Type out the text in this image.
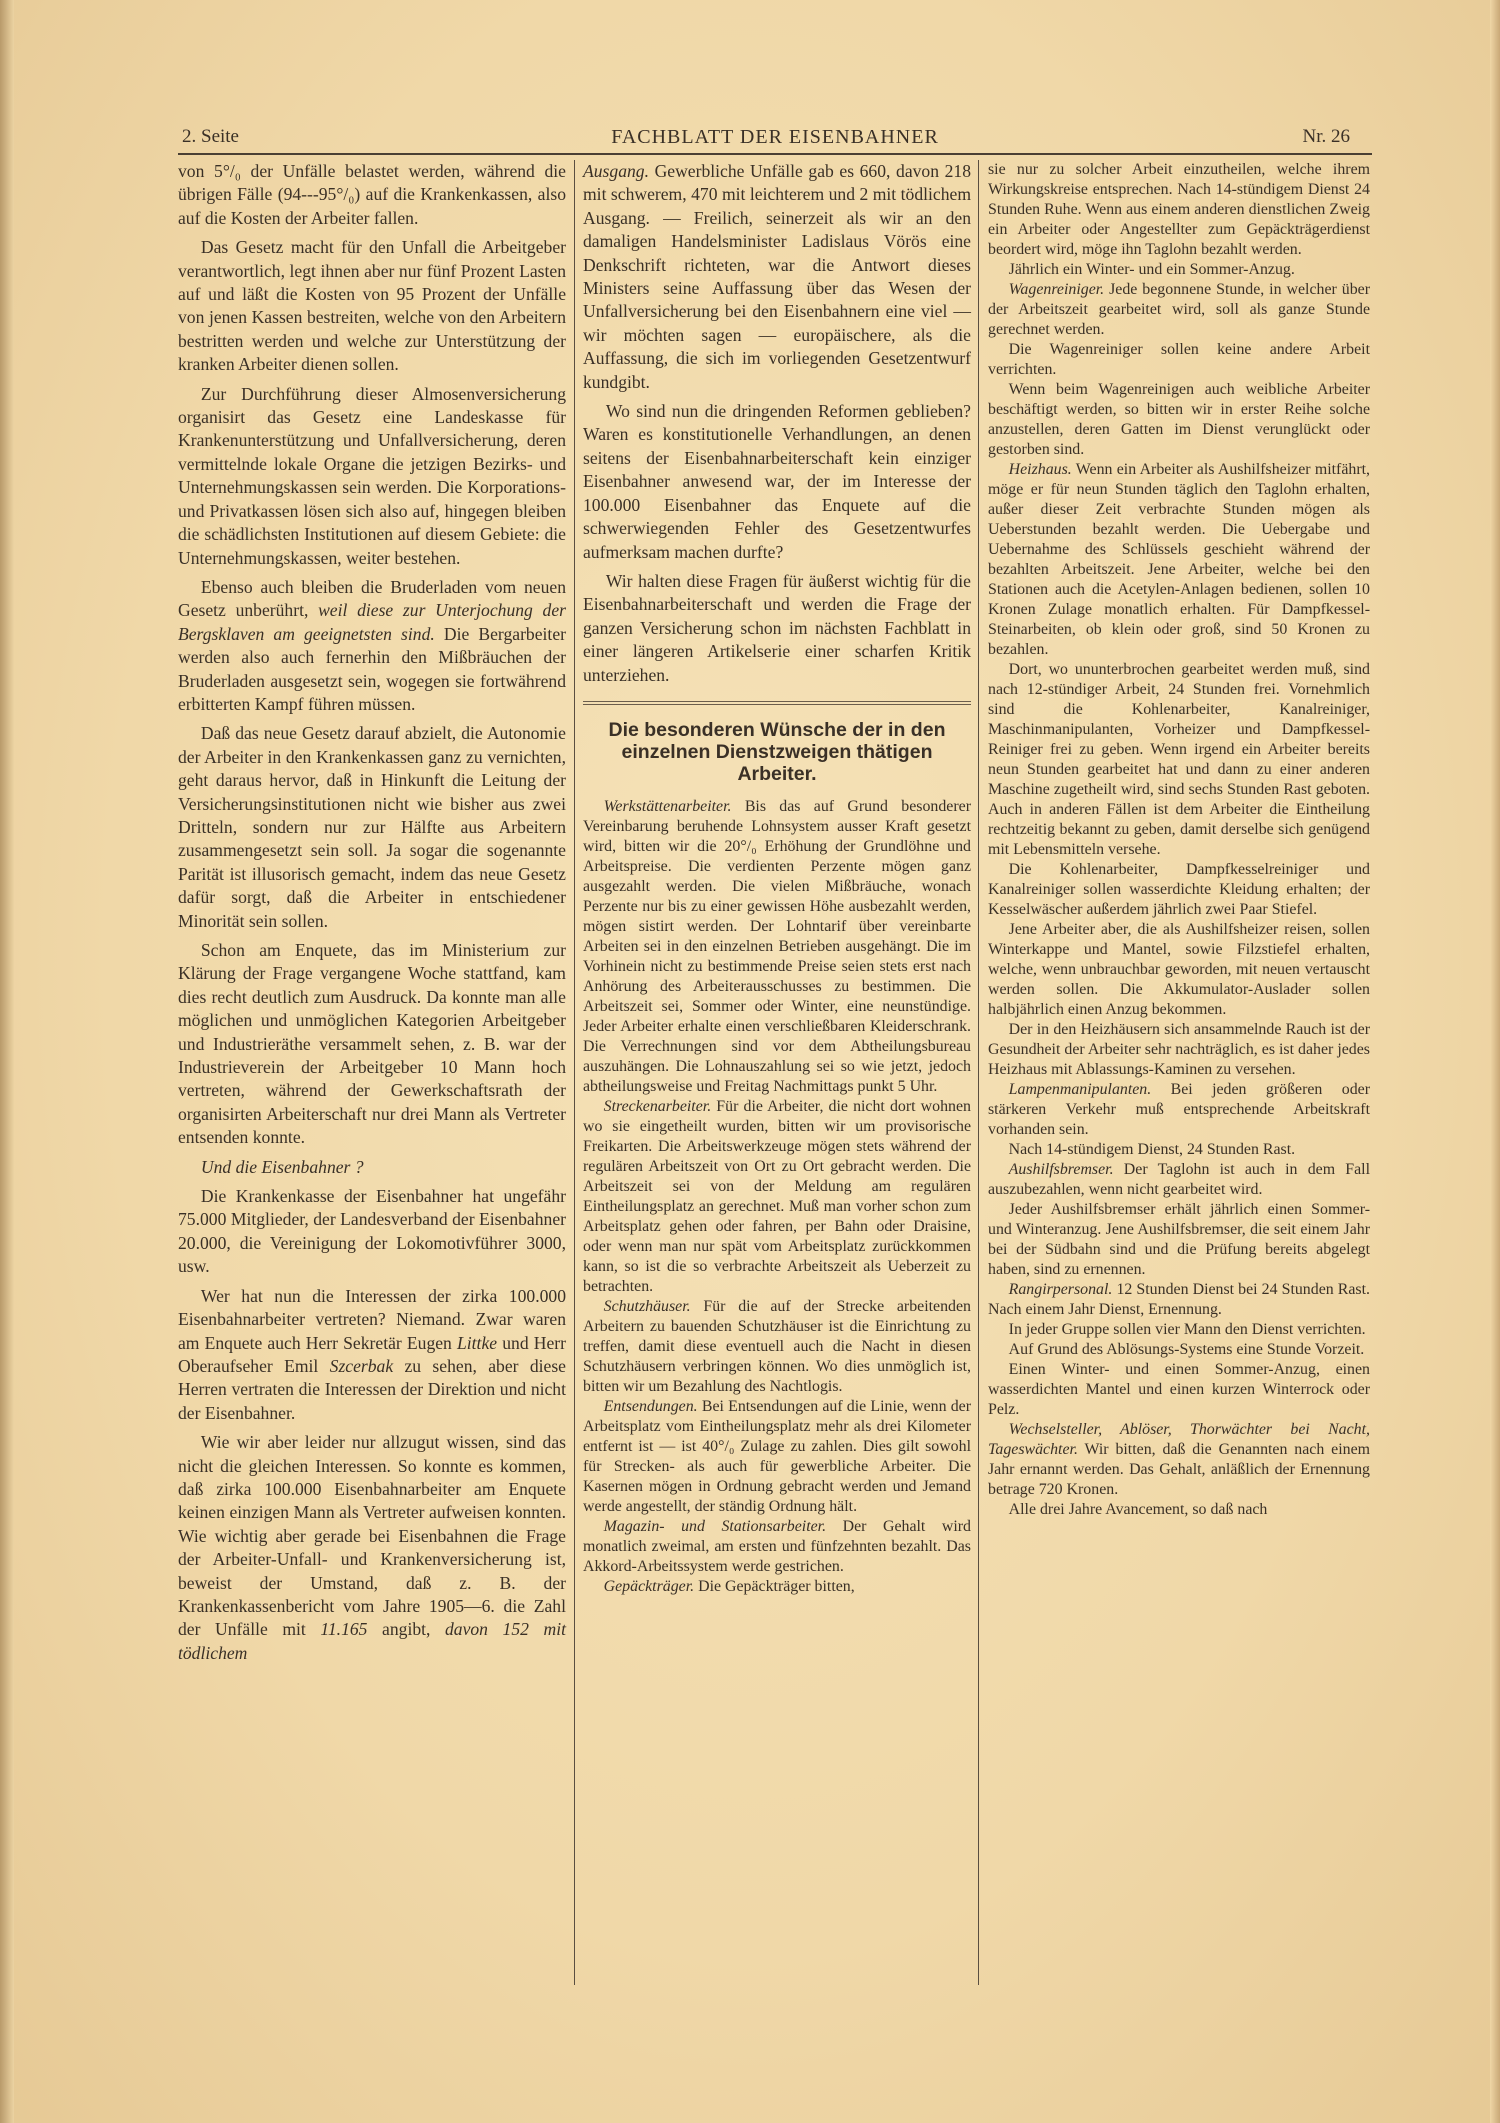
2. Seite	FACHBLATT DER EISENBAHNER	Nr. 26

von 5°/₀ der Unfälle belastet werden, während die übrigen Fälle (94---95°/₀) auf die Krankenkassen, also auf die Kosten der Arbeiter fallen.

Das Gesetz macht für den Unfall die Arbeitgeber verantwortlich, legt ihnen aber nur fünf Prozent Lasten auf und läßt die Kosten von 95 Prozent der Unfälle von jenen Kassen bestreiten, welche von den Arbeitern bestritten werden und welche zur Unterstützung der kranken Arbeiter dienen sollen.

Zur Durchführung dieser Almosenversicherung organisirt das Gesetz eine Landeskasse für Krankenunterstützung und Unfallversicherung, deren vermittelnde lokale Organe die jetzigen Bezirks- und Unternehmungskassen sein werden. Die Korporations- und Privatkassen lösen sich also auf, hingegen bleiben die schädlichsten Institutionen auf diesem Gebiete: die Unternehmungskassen, weiter bestehen.

Ebenso auch bleiben die Bruderladen vom neuen Gesetz unberührt, weil diese zur Unterjochung der Bergsklaven am geeignetsten sind. Die Bergarbeiter werden also auch fernerhin den Mißbräuchen der Bruderladen ausgesetzt sein, wogegen sie fortwährend erbitterten Kampf führen müssen.

Daß das neue Gesetz darauf abzielt, die Autonomie der Arbeiter in den Krankenkassen ganz zu vernichten, geht daraus hervor, daß in Hinkunft die Leitung der Versicherungsinstitutionen nicht wie bisher aus zwei Dritteln, sondern nur zur Hälfte aus Arbeitern zusammengesetzt sein soll. Ja sogar die sogenannte Parität ist illusorisch gemacht, indem das neue Gesetz dafür sorgt, daß die Arbeiter in entschiedener Minorität sein sollen.

Schon am Enquete, das im Ministerium zur Klärung der Frage vergangene Woche stattfand, kam dies recht deutlich zum Ausdruck. Da konnte man alle möglichen und unmöglichen Kategorien Arbeitgeber und Industrieräthe versammelt sehen, z. B. war der Industrieverein der Arbeitgeber 10 Mann hoch vertreten, während der Gewerkschaftsrath der organisirten Arbeiterschaft nur drei Mann als Vertreter entsenden konnte.

Und die Eisenbahner ?

Die Krankenkasse der Eisenbahner hat ungefähr 75.000 Mitglieder, der Landesverband der Eisenbahner 20.000, die Vereinigung der Lokomotivführer 3000, usw.

Wer hat nun die Interessen der zirka 100.000 Eisenbahnarbeiter vertreten? Niemand. Zwar waren am Enquete auch Herr Sekretär Eugen Littke und Herr Oberaufseher Emil Szcerbak zu sehen, aber diese Herren vertraten die Interessen der Direktion und nicht der Eisenbahner.

Wie wir aber leider nur allzugut wissen, sind das nicht die gleichen Interessen. So konnte es kommen, daß zirka 100.000 Eisenbahnarbeiter am Enquete keinen einzigen Mann als Vertreter aufweisen konnten. Wie wichtig aber gerade bei Eisenbahnen die Frage der Arbeiter-Unfall- und Krankenversicherung ist, beweist der Umstand, daß z. B. der Krankenkassenbericht vom Jahre 1905—6. die Zahl der Unfälle mit 11.165 angibt, davon 152 mit tödlichem

Ausgang. Gewerbliche Unfälle gab es 660, davon 218 mit schwerem, 470 mit leichterem und 2 mit tödlichem Ausgang. — Freilich, seinerzeit als wir an den damaligen Handelsminister Ladislaus Vörös eine Denkschrift richteten, war die Antwort dieses Ministers seine Auffassung über das Wesen der Unfallversicherung bei den Eisenbahnern eine viel — wir möchten sagen — europäischere, als die Auffassung, die sich im vorliegenden Gesetzentwurf kundgibt.

Wo sind nun die dringenden Reformen geblieben? Waren es konstitutionelle Verhandlungen, an denen seitens der Eisenbahnarbeiterschaft kein einziger Eisenbahner anwesend war, der im Interesse der 100.000 Eisenbahner das Enquete auf die schwerwiegenden Fehler des Gesetzentwurfes aufmerksam machen durfte?

Wir halten diese Fragen für äußerst wichtig für die Eisenbahnarbeiterschaft und werden die Frage der ganzen Versicherung schon im nächsten Fachblatt in einer längeren Artikelserie einer scharfen Kritik unterziehen.

Die besonderen Wünsche der in den einzelnen Dienstzweigen thätigen Arbeiter.

Werkstättenarbeiter. Bis das auf Grund besonderer Vereinbarung beruhende Lohnsystem ausser Kraft gesetzt wird, bitten wir die 20°/₀ Erhöhung der Grundlöhne und Arbeitspreise. Die verdienten Perzente mögen ganz ausgezahlt werden. Die vielen Mißbräuche, wonach Perzente nur bis zu einer gewissen Höhe ausbezahlt werden, mögen sistirt werden. Der Lohntarif über vereinbarte Arbeiten sei in den einzelnen Betrieben ausgehängt. Die im Vorhinein nicht zu bestimmende Preise seien stets erst nach Anhörung des Arbeiterausschusses zu bestimmen. Die Arbeitszeit sei, Sommer oder Winter, eine neunstündige. Jeder Arbeiter erhalte einen verschließbaren Kleiderschrank. Die Verrechnungen sind vor dem Abtheilungsbureau auszuhängen. Die Lohnauszahlung sei so wie jetzt, jedoch abtheilungsweise und Freitag Nachmittags punkt 5 Uhr.

Streckenarbeiter. Für die Arbeiter, die nicht dort wohnen wo sie eingetheilt wurden, bitten wir um provisorische Freikarten. Die Arbeitswerkzeuge mögen stets während der regulären Arbeitszeit von Ort zu Ort gebracht werden. Die Arbeitszeit sei von der Meldung am regulären Eintheilungsplatz an gerechnet. Muß man vorher schon zum Arbeitsplatz gehen oder fahren, per Bahn oder Draisine, oder wenn man nur spät vom Arbeitsplatz zurückkommen kann, so ist die so verbrachte Arbeitszeit als Ueberzeit zu betrachten.

Schutzhäuser. Für die auf der Strecke arbeitenden Arbeitern zu bauenden Schutzhäuser ist die Einrichtung zu treffen, damit diese eventuell auch die Nacht in diesen Schutzhäusern verbringen können. Wo dies unmöglich ist, bitten wir um Bezahlung des Nachtlogis.

Entsendungen. Bei Entsendungen auf die Linie, wenn der Arbeitsplatz vom Eintheilungsplatz mehr als drei Kilometer entfernt ist — ist 40°/₀ Zulage zu zahlen. Dies gilt sowohl für Strecken- als auch für gewerbliche Arbeiter. Die Kasernen mögen in Ordnung gebracht werden und Jemand werde angestellt, der ständig Ordnung hält.

Magazin- und Stationsarbeiter. Der Gehalt wird monatlich zweimal, am ersten und fünfzehnten bezahlt. Das Akkord-Arbeitssystem werde gestrichen.

Gepäckträger. Die Gepäckträger bitten,

sie nur zu solcher Arbeit einzutheilen, welche ihrem Wirkungskreise entsprechen. Nach 14-stündigem Dienst 24 Stunden Ruhe. Wenn aus einem anderen dienstlichen Zweig ein Arbeiter oder Angestellter zum Gepäckträgerdienst beordert wird, möge ihn Taglohn bezahlt werden.

Jährlich ein Winter- und ein Sommer-Anzug.

Wagenreiniger. Jede begonnene Stunde, in welcher über der Arbeitszeit gearbeitet wird, soll als ganze Stunde gerechnet werden.

Die Wagenreiniger sollen keine andere Arbeit verrichten.

Wenn beim Wagenreinigen auch weibliche Arbeiter beschäftigt werden, so bitten wir in erster Reihe solche anzustellen, deren Gatten im Dienst verunglückt oder gestorben sind.

Heizhaus. Wenn ein Arbeiter als Aushilfsheizer mitfährt, möge er für neun Stunden täglich den Taglohn erhalten, außer dieser Zeit verbrachte Stunden mögen als Ueberstunden bezahlt werden. Die Uebergabe und Uebernahme des Schlüssels geschieht während der bezahlten Arbeitszeit. Jene Arbeiter, welche bei den Stationen auch die Acetylen-Anlagen bedienen, sollen 10 Kronen Zulage monatlich erhalten. Für Dampfkessel-Steinarbeiten, ob klein oder groß, sind 50 Kronen zu bezahlen.

Dort, wo ununterbrochen gearbeitet werden muß, sind nach 12-stündiger Arbeit, 24 Stunden frei. Vornehmlich sind die Kohlenarbeiter, Kanalreiniger, Maschinmanipulanten, Vorheizer und Dampfkessel-Reiniger frei zu geben. Wenn irgend ein Arbeiter bereits neun Stunden gearbeitet hat und dann zu einer anderen Maschine zugetheilt wird, sind sechs Stunden Rast geboten. Auch in anderen Fällen ist dem Arbeiter die Eintheilung rechtzeitig bekannt zu geben, damit derselbe sich genügend mit Lebensmitteln versehe.

Die Kohlenarbeiter, Dampfkesselreiniger und Kanalreiniger sollen wasserdichte Kleidung erhalten; der Kesselwäscher außerdem jährlich zwei Paar Stiefel.

Jene Arbeiter aber, die als Aushilfsheizer reisen, sollen Winterkappe und Mantel, sowie Filzstiefel erhalten, welche, wenn unbrauchbar geworden, mit neuen vertauscht werden sollen. Die Akkumulator-Auslader sollen halbjährlich einen Anzug bekommen.

Der in den Heizhäusern sich ansammelnde Rauch ist der Gesundheit der Arbeiter sehr nachträglich, es ist daher jedes Heizhaus mit Ablassungs-Kaminen zu versehen.

Lampenmanipulanten. Bei jeden größeren oder stärkeren Verkehr muß entsprechende Arbeitskraft vorhanden sein.

Nach 14-stündigem Dienst, 24 Stunden Rast.

Aushilfsbremser. Der Taglohn ist auch in dem Fall auszubezahlen, wenn nicht gearbeitet wird.

Jeder Aushilfsbremser erhält jährlich einen Sommer- und Winteranzug. Jene Aushilfsbremser, die seit einem Jahr bei der Südbahn sind und die Prüfung bereits abgelegt haben, sind zu ernennen.

Rangirpersonal. 12 Stunden Dienst bei 24 Stunden Rast. Nach einem Jahr Dienst, Ernennung.

In jeder Gruppe sollen vier Mann den Dienst verrichten.

Auf Grund des Ablösungs-Systems eine Stunde Vorzeit.

Einen Winter- und einen Sommer-Anzug, einen wasserdichten Mantel und einen kurzen Winterrock oder Pelz.

Wechselsteller, Ablöser, Thorwächter bei Nacht, Tageswächter. Wir bitten, daß die Genannten nach einem Jahr ernannt werden. Das Gehalt, anläßlich der Ernennung betrage 720 Kronen.

Alle drei Jahre Avancement, so daß nach
